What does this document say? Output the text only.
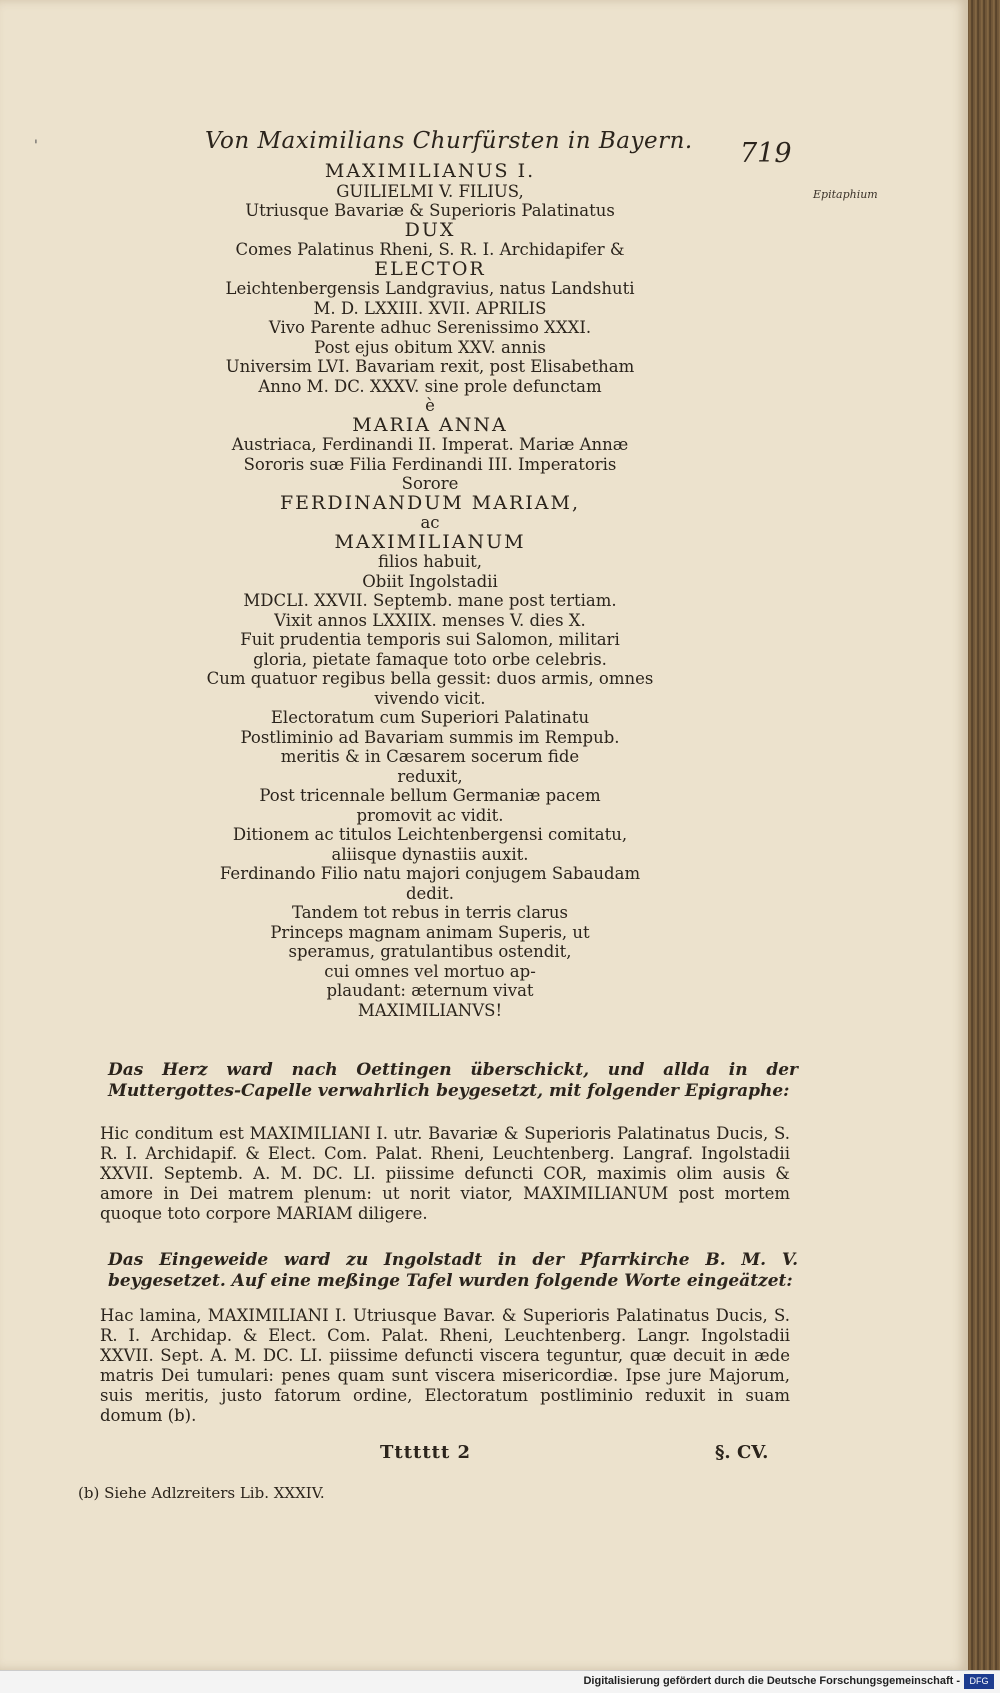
'	Von Maximilians Churfürsten in Bayern.	719
Epitaphium
MAXIMILIANUS I.
GUILIELMI V. FILIUS,
Utriusque Bavariæ & Superioris Palatinatus
DUX
Comes Palatinus Rheni, S. R. I. Archidapifer &
ELECTOR
Leichtenbergensis Landgravius, natus Landshuti
M. D. LXXIII. XVII. APRILIS
Vivo Parente adhuc Serenissimo XXXI.
Post ejus obitum XXV. annis
Universim LVI. Bavariam rexit, post Elisabetham
Anno M. DC. XXXV. sine prole defunctam
è
MARIA ANNA
Austriaca, Ferdinandi II. Imperat. Mariæ Annæ
Sororis suæ Filia Ferdinandi III. Imperatoris
Sorore
FERDINANDUM MARIAM,
ac
MAXIMILIANUM
filios habuit,
Obiit Ingolstadii
MDCLI. XXVII. Septemb. mane post tertiam.
Vixit annos LXXIIX. menses V. dies X.
Fuit prudentia temporis sui Salomon, militari
gloria, pietate famaque toto orbe celebris.
Cum quatuor regibus bella gessit: duos armis, omnes
vivendo vicit.
Electoratum cum Superiori Palatinatu
Postliminio ad Bavariam summis im Rempub.
meritis & in Cæsarem socerum fide
reduxit,
Post tricennale bellum Germaniæ pacem
promovit ac vidit.
Ditionem ac titulos Leichtenbergensi comitatu,
aliisque dynastiis auxit.
Ferdinando Filio natu majori conjugem Sabaudam
dedit.
Tandem tot rebus in terris clarus
Princeps magnam animam Superis, ut
speramus, gratulantibus ostendit,
cui omnes vel mortuo ap-
plaudant: æternum vivat
MAXIMILIANVS!
Das Herz ward nach Oettingen überschickt, und allda in der Muttergottes-Capelle verwahrlich beygesetzt, mit folgender Epigraphe:
Hic conditum est MAXIMILIANI I. utr. Bavariæ & Superioris Palatinatus Ducis, S. R. I. Archidapif. & Elect. Com. Palat. Rheni, Leuchtenberg. Langraf. Ingolstadii XXVII. Septemb. A. M. DC. LI. piissime defuncti COR, maximis olim ausis & amore in Dei matrem plenum: ut norit viator, MAXIMILIANUM post mortem quoque toto corpore MARIAM diligere.
Das Eingeweide ward zu Ingolstadt in der Pfarrkirche B. M. V. beygesetzet. Auf eine meßinge Tafel wurden folgende Worte eingeätzet:
Hac lamina, MAXIMILIANI I. Utriusque Bavar. & Superioris Palatinatus Ducis, S. R. I. Archidap. & Elect. Com. Palat. Rheni, Leuchtenberg. Langr. Ingolstadii XXVII. Sept. A. M. DC. LI. piissime defuncti viscera teguntur, quæ decuit in æde matris Dei tumulari: penes quam sunt viscera misericordiæ. Ipse jure Majorum, suis meritis, justo fatorum ordine, Electoratum postliminio reduxit in suam domum (b).
Ttttttt 2	§. CV.
(b) Siehe Adlzreiters Lib. XXXIV.
Digitalisierung gefördert durch die Deutsche Forschungsgemeinschaft -	DFG
